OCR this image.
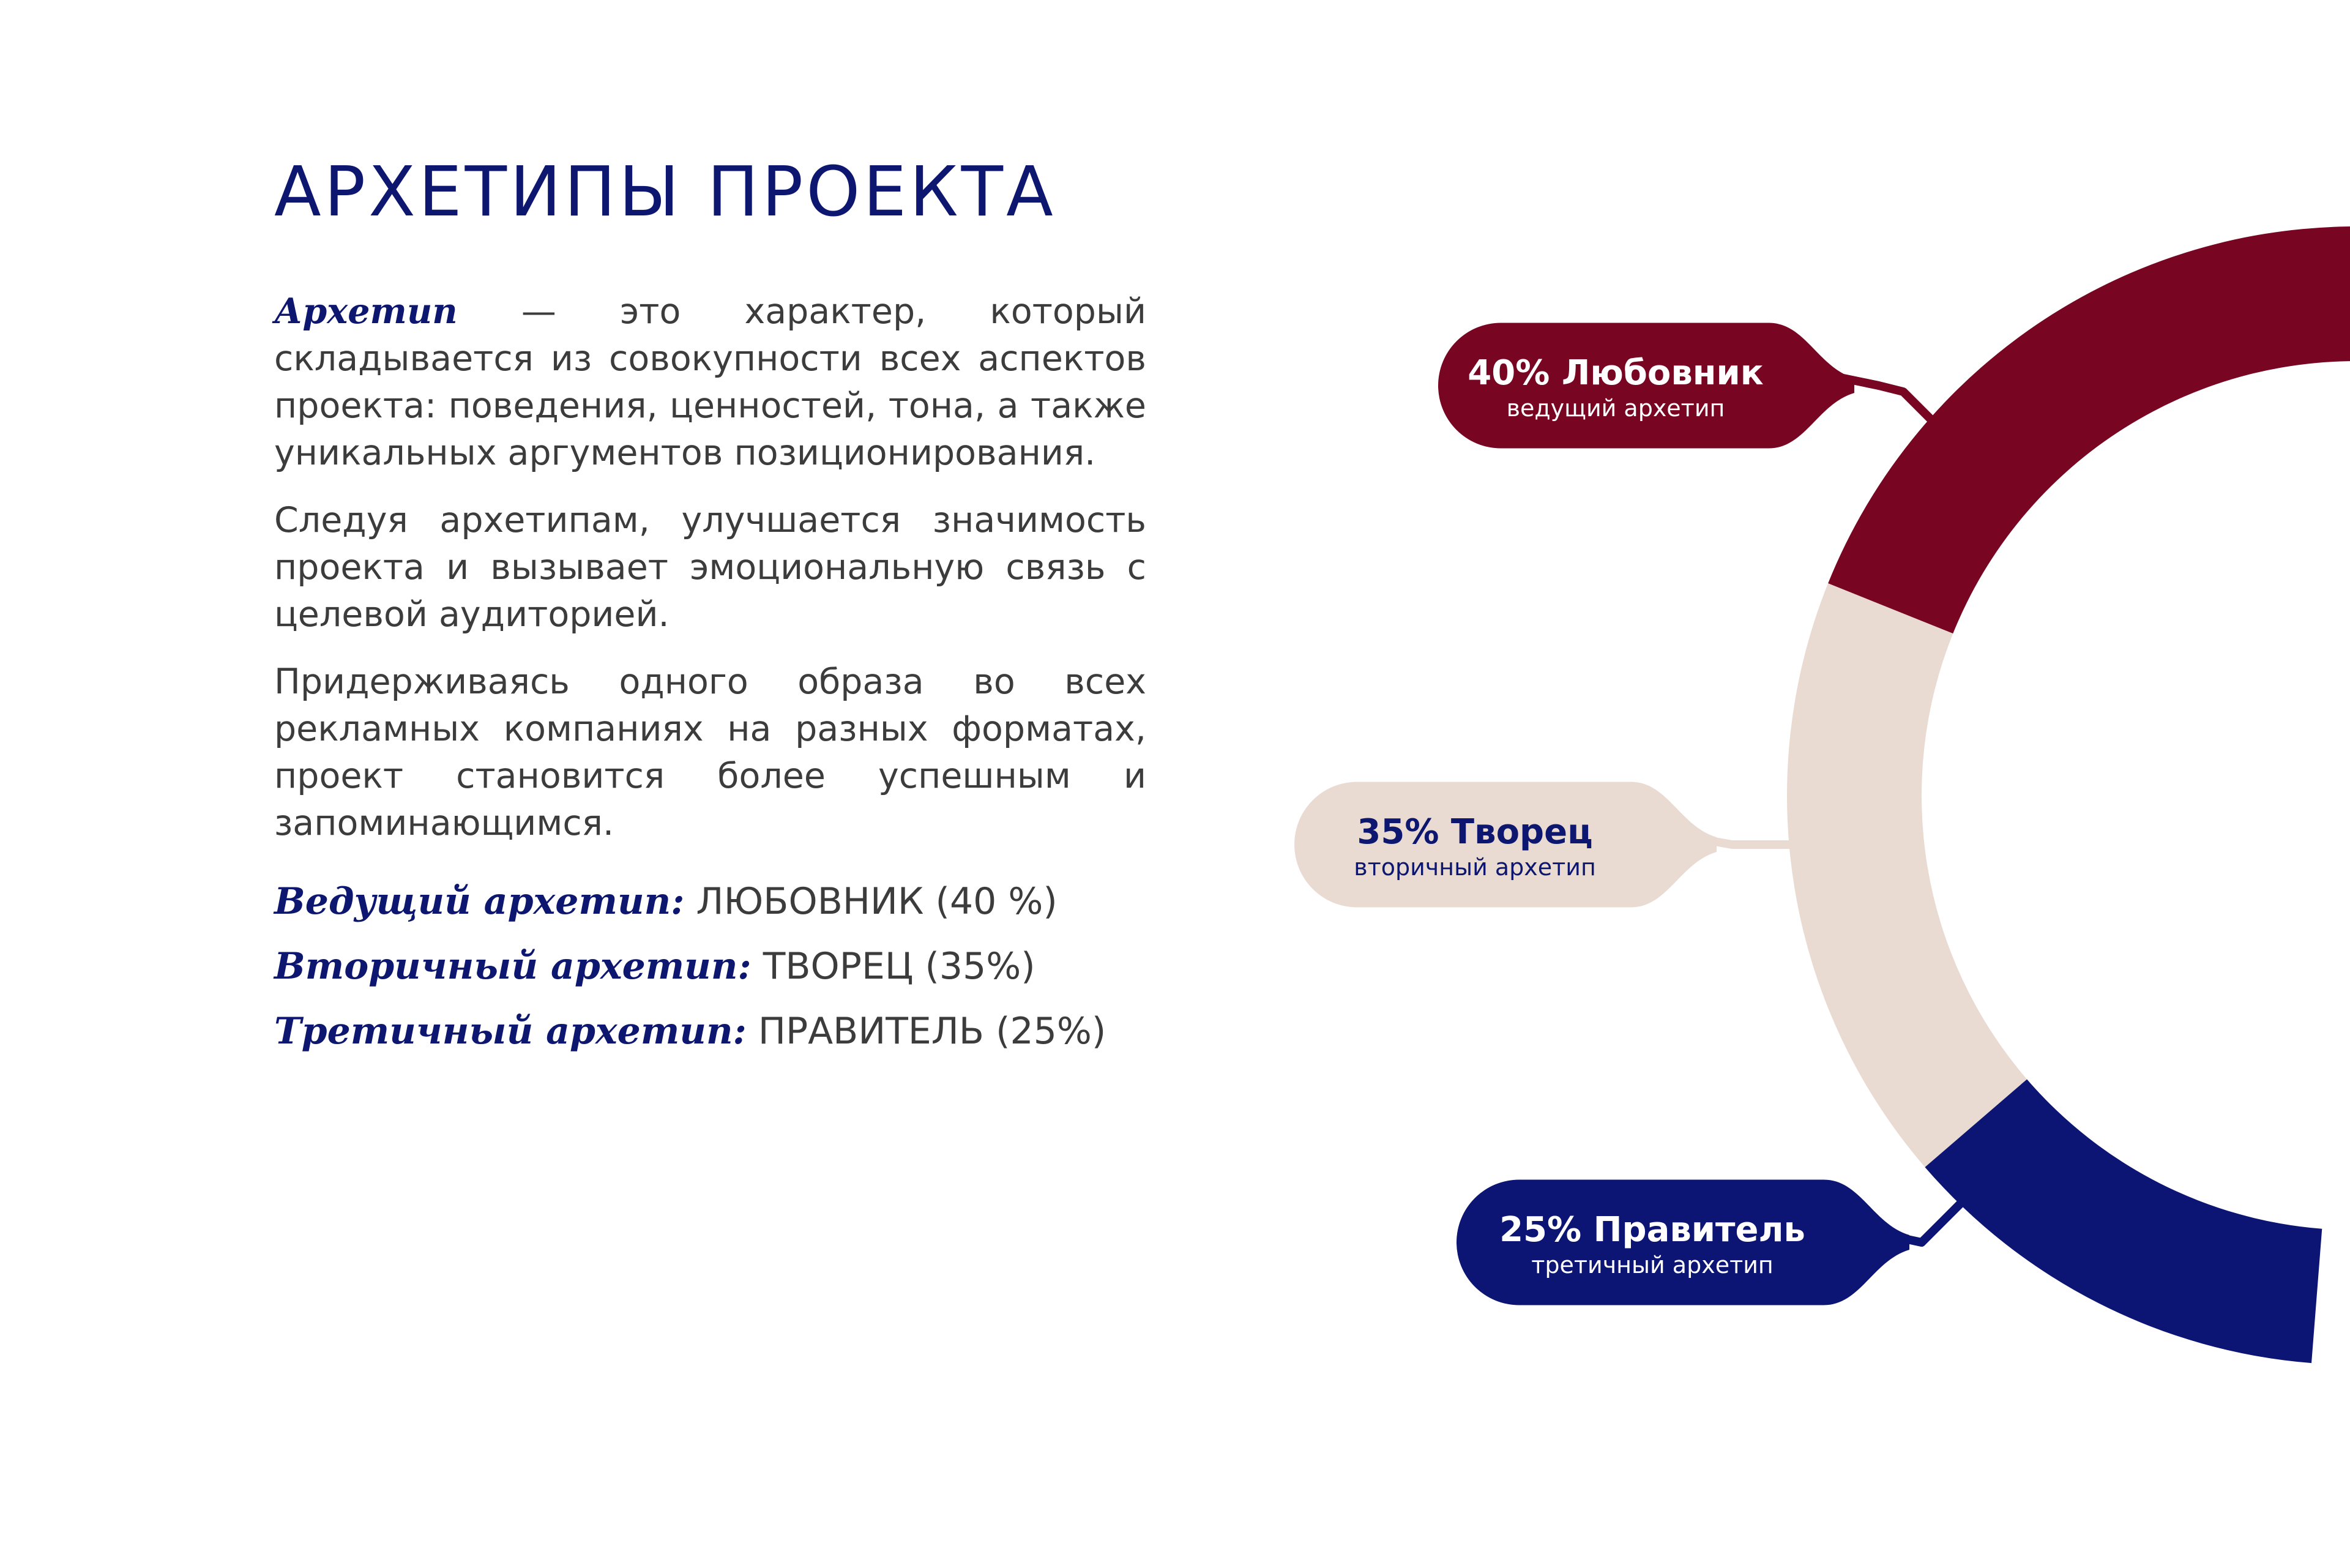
АРХЕТИПЫ ПРОЕКТА

Архетип — это характер, который складывается из совокупности всех аспектов проекта: поведения, ценностей, тона, а также уникальных аргументов позиционирования.

Следуя архетипам, улучшается значимость проекта и вызывает эмоциональную связь с целевой аудиторией.

Придерживаясь одного образа во всех рекламных компаниях на разных форматах, проект становится более успешным и запоминающимся.

Ведущий архетип: ЛЮБОВНИК (40 %)
Вторичный архетип: ТВОРЕЦ (35%)
Третичный архетип: ПРАВИТЕЛЬ (25%)
40% Любовник
ведущий архетип
35% Творец
вторичный архетип
25% Правитель
третичный архетип
